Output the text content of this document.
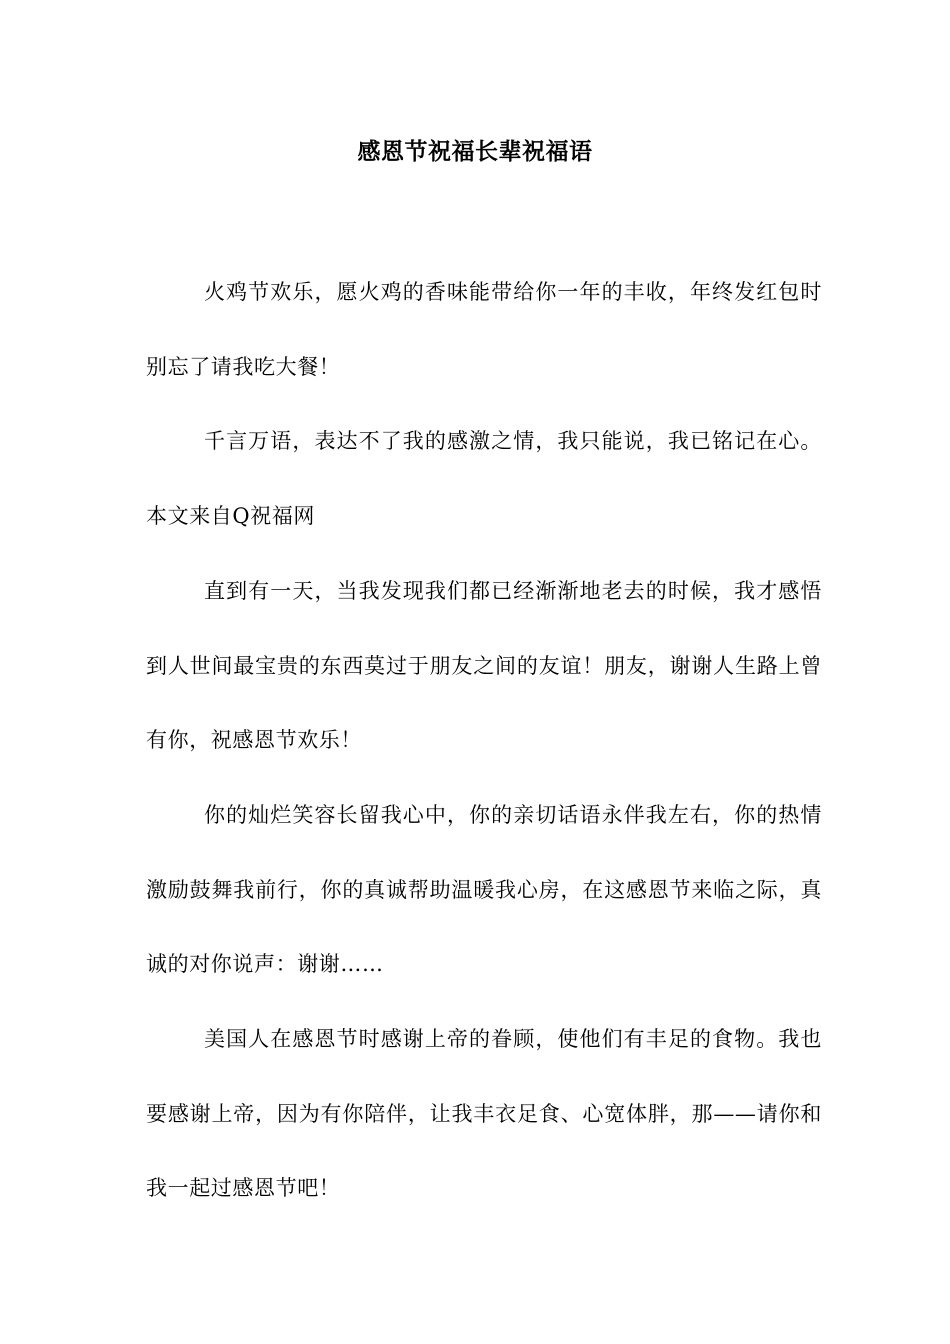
感恩节祝福长辈祝福语

火鸡节欢乐，愿火鸡的香味能带给你一年的丰收，年终发红包时别忘了请我吃大餐！

千言万语，表达不了我的感激之情，我只能说，我已铭记在心。 本文来自Q祝福网

直到有一天，当我发现我们都已经渐渐地老去的时候，我才感悟到人世间最宝贵的东西莫过于朋友之间的友谊！朋友，谢谢人生路上曾有你，祝感恩节欢乐！

你的灿烂笑容长留我心中，你的亲切话语永伴我左右，你的热情激励鼓舞我前行，你的真诚帮助温暖我心房，在这感恩节来临之际，真诚的对你说声：谢谢……

美国人在感恩节时感谢上帝的眷顾，使他们有丰足的食物。我也要感谢上帝，因为有你陪伴，让我丰衣足食、心宽体胖，那——请你和我一起过感恩节吧！
